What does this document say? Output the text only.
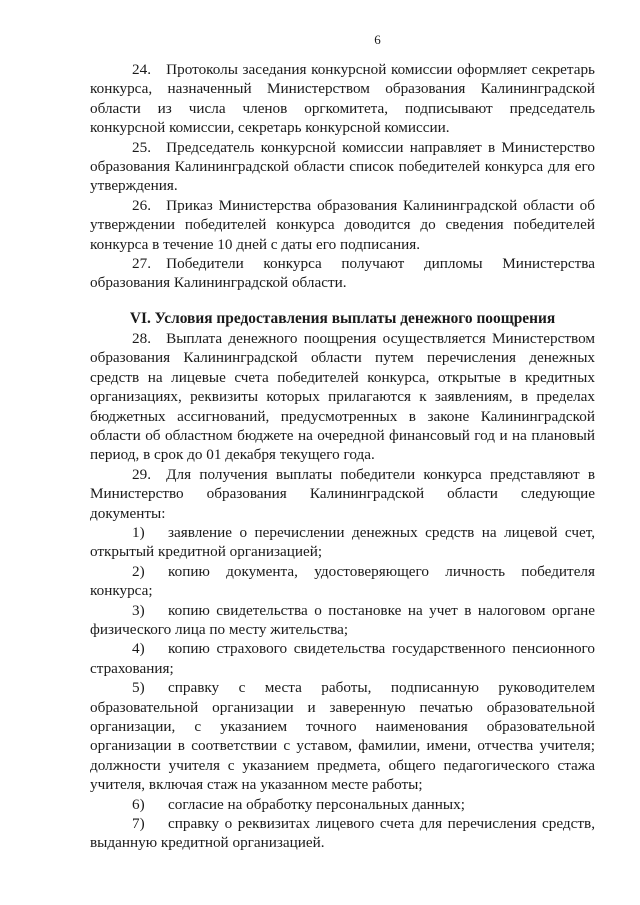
6

24. Протоколы заседания конкурсной комиссии оформляет секретарь конкурса, назначенный Министерством образования Калининградской области из числа членов оргкомитета, подписывают председатель конкурсной комиссии, секретарь конкурсной комиссии.

25. Председатель конкурсной комиссии направляет в Министерство образования Калининградской области список победителей конкурса для его утверждения.

26. Приказ Министерства образования Калининградской области об утверждении победителей конкурса доводится до сведения победителей конкурса в течение 10 дней с даты его подписания.

27. Победители конкурса получают дипломы Министерства образования Калининградской области.

VI. Условия предоставления выплаты денежного поощрения

28. Выплата денежного поощрения осуществляется Министерством образования Калининградской области путем перечисления денежных средств на лицевые счета победителей конкурса, открытые в кредитных организациях, реквизиты которых прилагаются к заявлениям, в пределах бюджетных ассигнований, предусмотренных в законе Калининградской области об областном бюджете на очередной финансовый год и на плановый период, в срок до 01 декабря текущего года.

29. Для получения выплаты победители конкурса представляют в Министерство образования Калининградской области следующие документы:

1) заявление о перечислении денежных средств на лицевой счет, открытый кредитной организацией;

2) копию документа, удостоверяющего личность победителя конкурса;

3) копию свидетельства о постановке на учет в налоговом органе физического лица по месту жительства;

4) копию страхового свидетельства государственного пенсионного страхования;

5) справку с места работы, подписанную руководителем образовательной организации и заверенную печатью образовательной организации, с указанием точного наименования образовательной организации в соответствии с уставом, фамилии, имени, отчества учителя; должности учителя с указанием предмета, общего педагогического стажа учителя, включая стаж на указанном месте работы;

6) согласие на обработку персональных данных;

7) справку о реквизитах лицевого счета для перечисления средств, выданную кредитной организацией.
